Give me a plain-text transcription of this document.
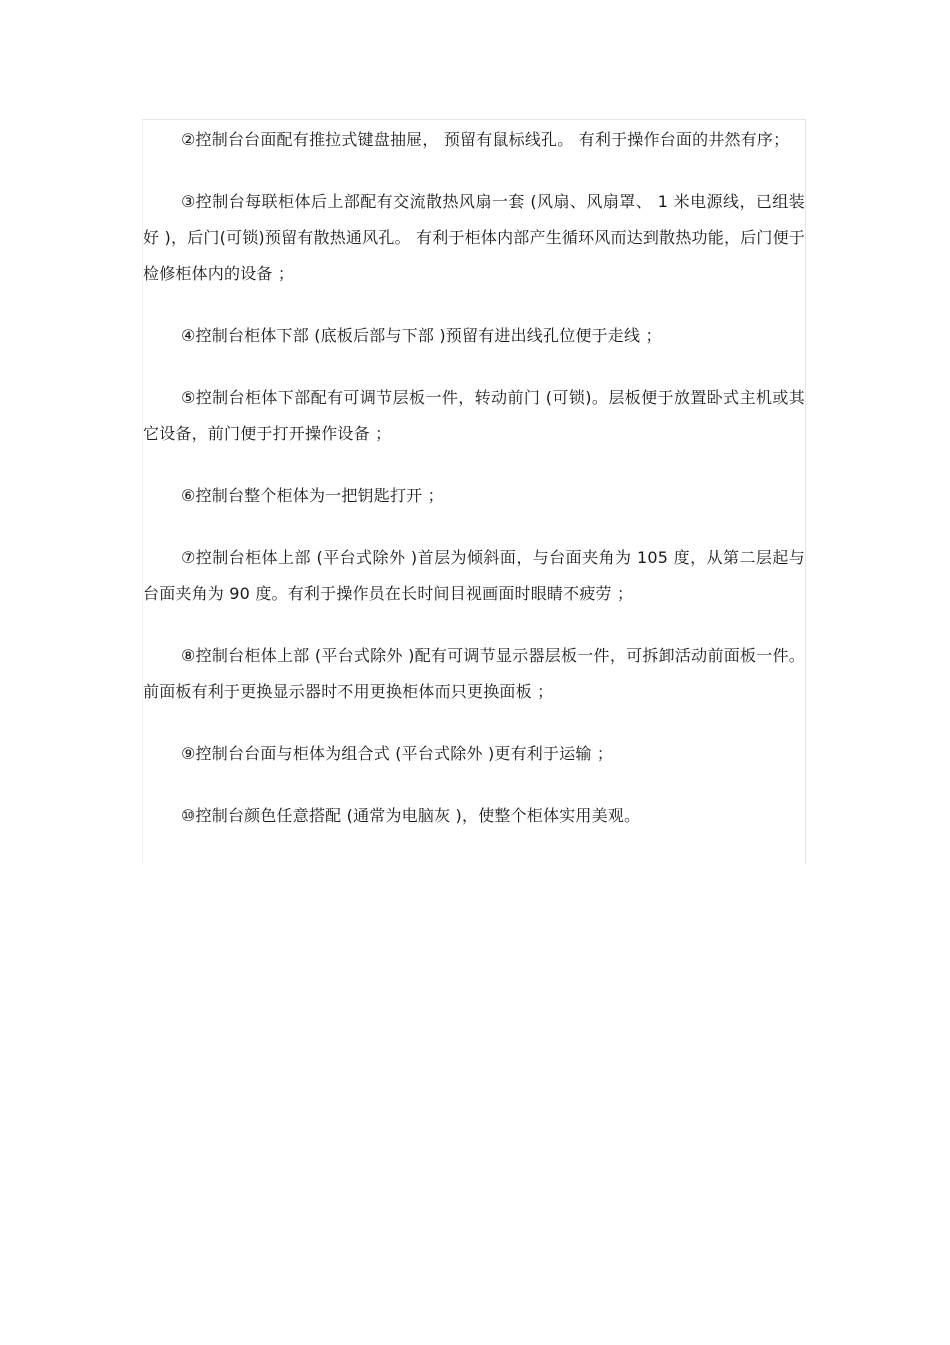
②控制台台面配有推拉式键盘抽屉， 预留有鼠标线孔。 有利于操作台面的井然有序；

③控制台每联柜体后上部配有交流散热风扇一套 (风扇、风扇罩、 1 米电源线，已组装好 )，后门(可锁)预留有散热通风孔。 有利于柜体内部产生循环风而达到散热功能，后门便于检修柜体内的设备 ；

④控制台柜体下部 (底板后部与下部 )预留有进出线孔位便于走线 ；

⑤控制台柜体下部配有可调节层板一件，转动前门 (可锁)。层板便于放置卧式主机或其它设备，前门便于打开操作设备 ；

⑥控制台整个柜体为一把钥匙打开 ；

⑦控制台柜体上部 (平台式除外 )首层为倾斜面，与台面夹角为 105 度，从第二层起与台面夹角为 90 度。有利于操作员在长时间目视画面时眼睛不疲劳 ；

⑧控制台柜体上部 (平台式除外 )配有可调节显示器层板一件，可拆卸活动前面板一件。前面板有利于更换显示器时不用更换柜体而只更换面板 ；

⑨控制台台面与柜体为组合式 (平台式除外 )更有利于运输 ；

⑩控制台颜色任意搭配 (通常为电脑灰 )，使整个柜体实用美观。
